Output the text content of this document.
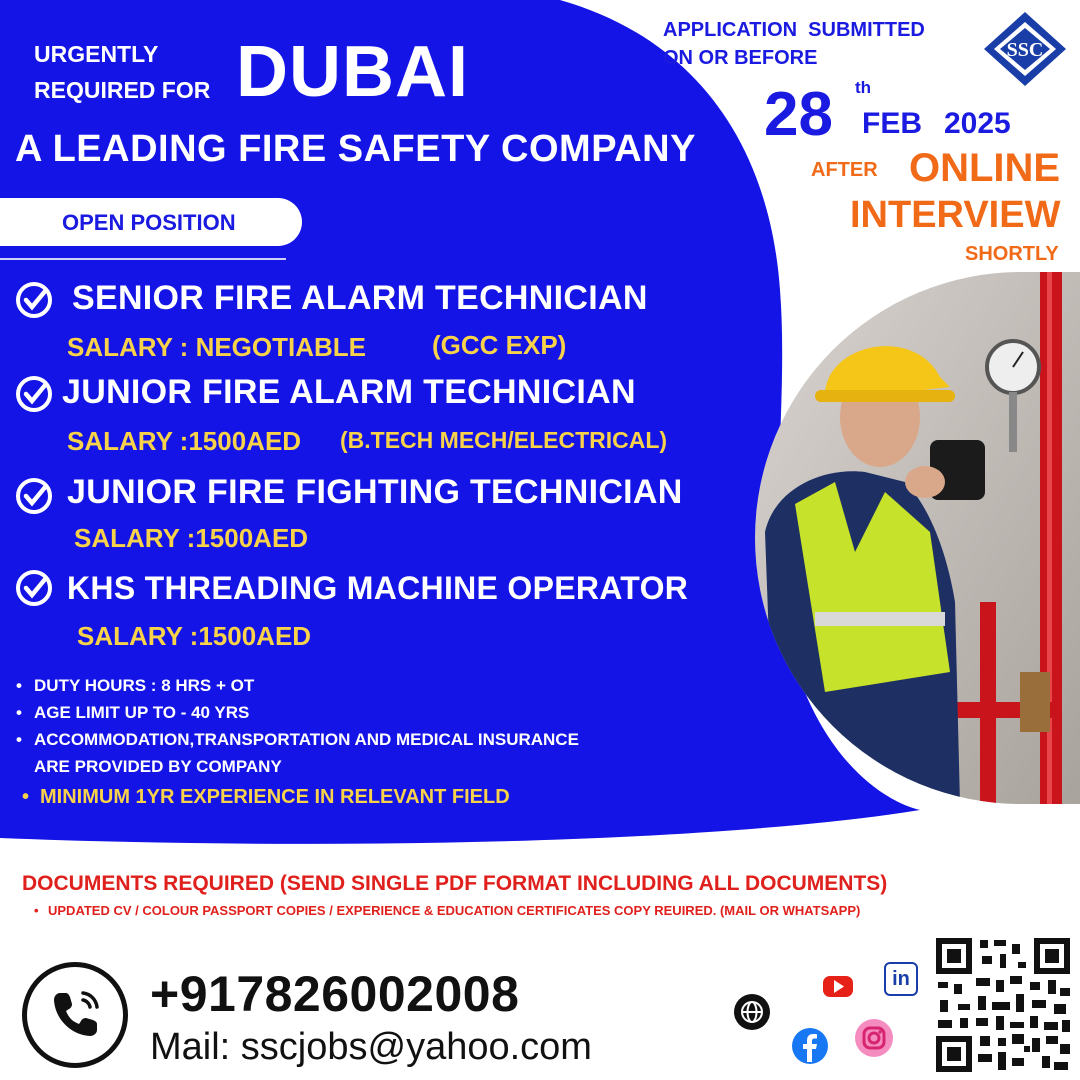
URGENTLY
REQUIRED FOR DUBAI
A LEADING FIRE SAFETY COMPANY
OPEN POSITION
SENIOR FIRE ALARM TECHNICIAN
SALARY : NEGOTIABLE	(GCC EXP)
JUNIOR FIRE ALARM TECHNICIAN
SALARY :1500AED (B.TECH MECH/ELECTRICAL)
JUNIOR FIRE FIGHTING TECHNICIAN
SALARY :1500AED
KHS THREADING MACHINE OPERATOR
SALARY :1500AED
• DUTY HOURS : 8 HRS + OT
• AGE LIMIT UP TO - 40 YRS
• ACCOMMODATION,TRANSPORTATION AND MEDICAL INSURANCE
ARE PROVIDED BY COMPANY
• MINIMUM 1YR EXPERIENCE IN RELEVANT FIELD
APPLICATION  SUBMITTED
ON OR BEFORE	SSC
28 th
FEB 2025
AFTER ONLINE
INTERVIEW
SHORTLY
DOCUMENTS REQUIRED (SEND SINGLE PDF FORMAT INCLUDING ALL DOCUMENTS)
• UPDATED CV / COLOUR PASSPORT COPIES / EXPERIENCE & EDUCATION CERTIFICATES COPY REUIRED. (MAIL OR WHATSAPP)
+917826002008
Mail: sscjobs@yahoo.com
in
